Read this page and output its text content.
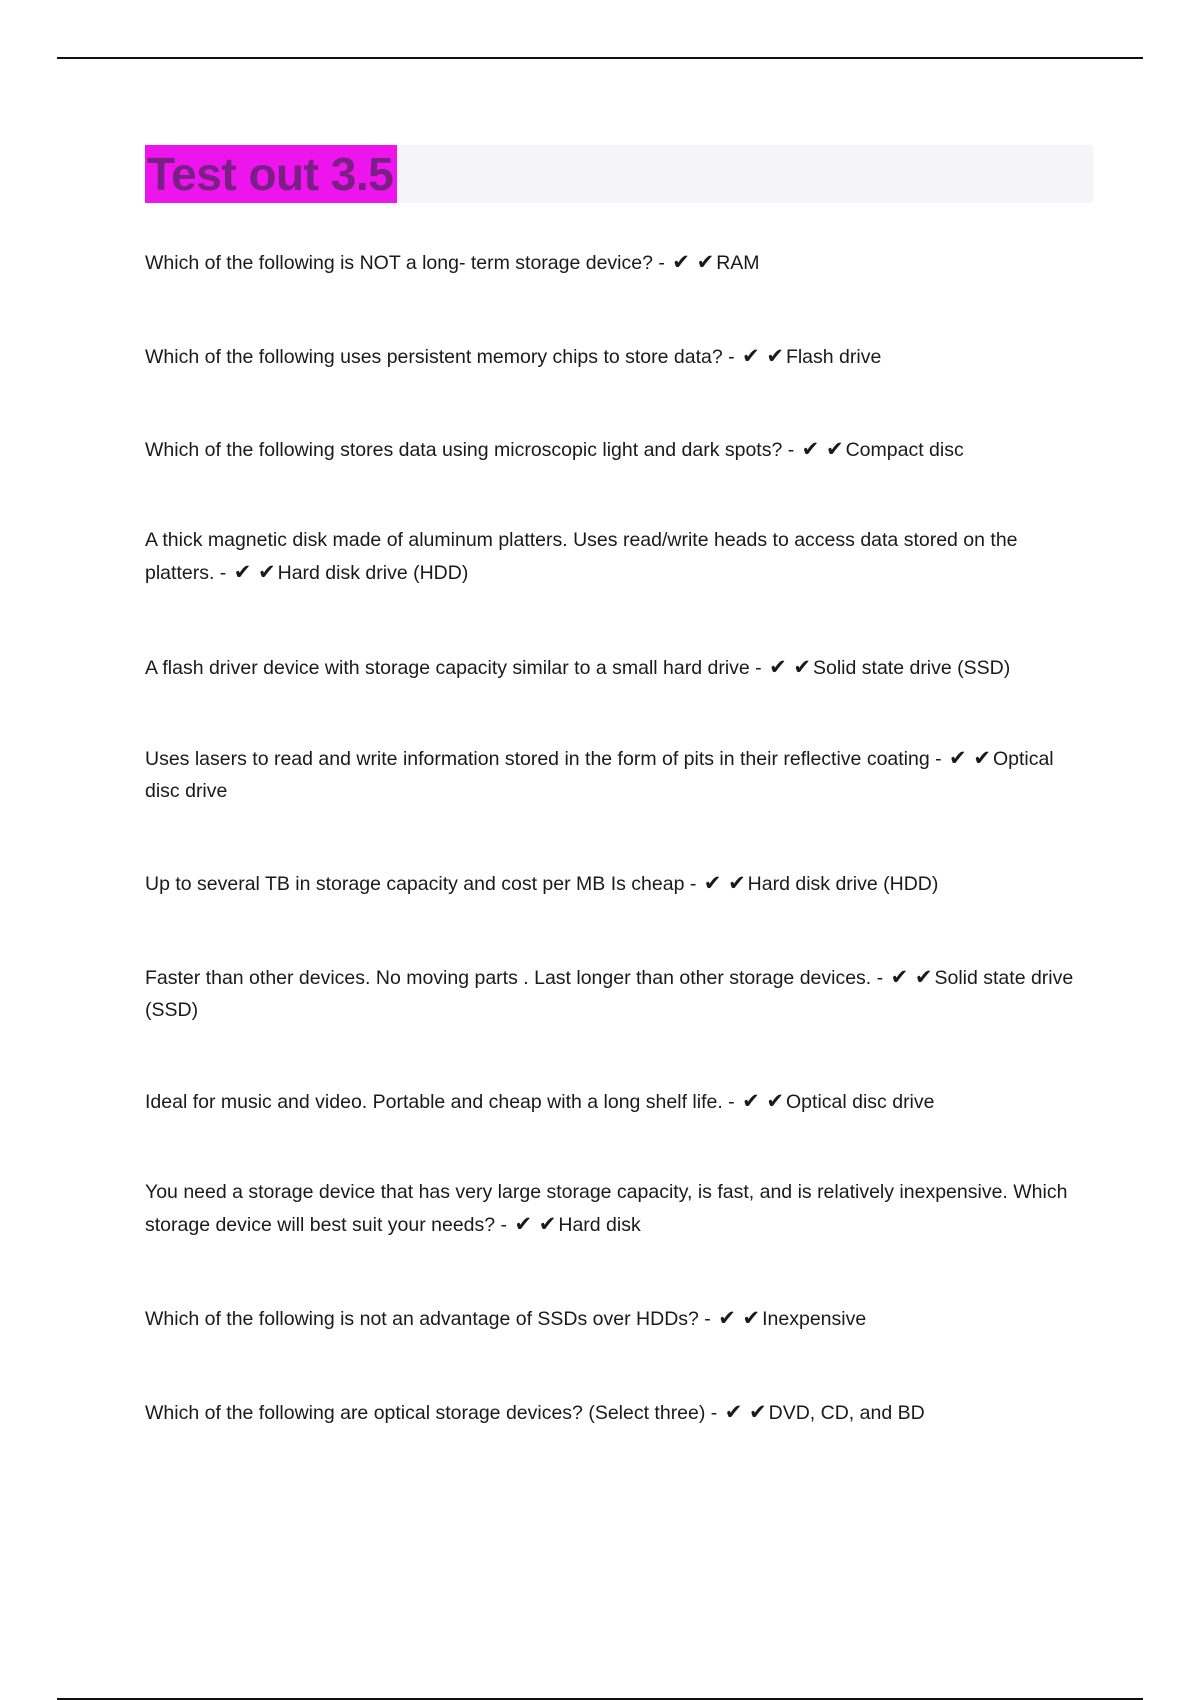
Test out 3.5

Which of the following is NOT a long- term storage device? - ✔ ✔ RAM

Which of the following uses persistent memory chips to store data? - ✔ ✔ Flash drive

Which of the following stores data using microscopic light and dark spots? - ✔ ✔ Compact disc

A thick magnetic disk made of aluminum platters. Uses read/write heads to access data stored on the platters. - ✔ ✔ Hard disk drive (HDD)

A flash driver device with storage capacity similar to a small hard drive - ✔ ✔ Solid state drive (SSD)

Uses lasers to read and write information stored in the form of pits in their reflective coating - ✔ ✔ Optical disc drive

Up to several TB in storage capacity and cost per MB Is cheap - ✔ ✔ Hard disk drive (HDD)

Faster than other devices. No moving parts . Last longer than other storage devices. - ✔ ✔ Solid state drive (SSD)

Ideal for music and video. Portable and cheap with a long shelf life. - ✔ ✔ Optical disc drive

You need a storage device that has very large storage capacity, is fast, and is relatively inexpensive. Which storage device will best suit your needs? - ✔ ✔ Hard disk

Which of the following is not an advantage of SSDs over HDDs? - ✔ ✔ Inexpensive

Which of the following are optical storage devices? (Select three) - ✔ ✔ DVD, CD, and BD
